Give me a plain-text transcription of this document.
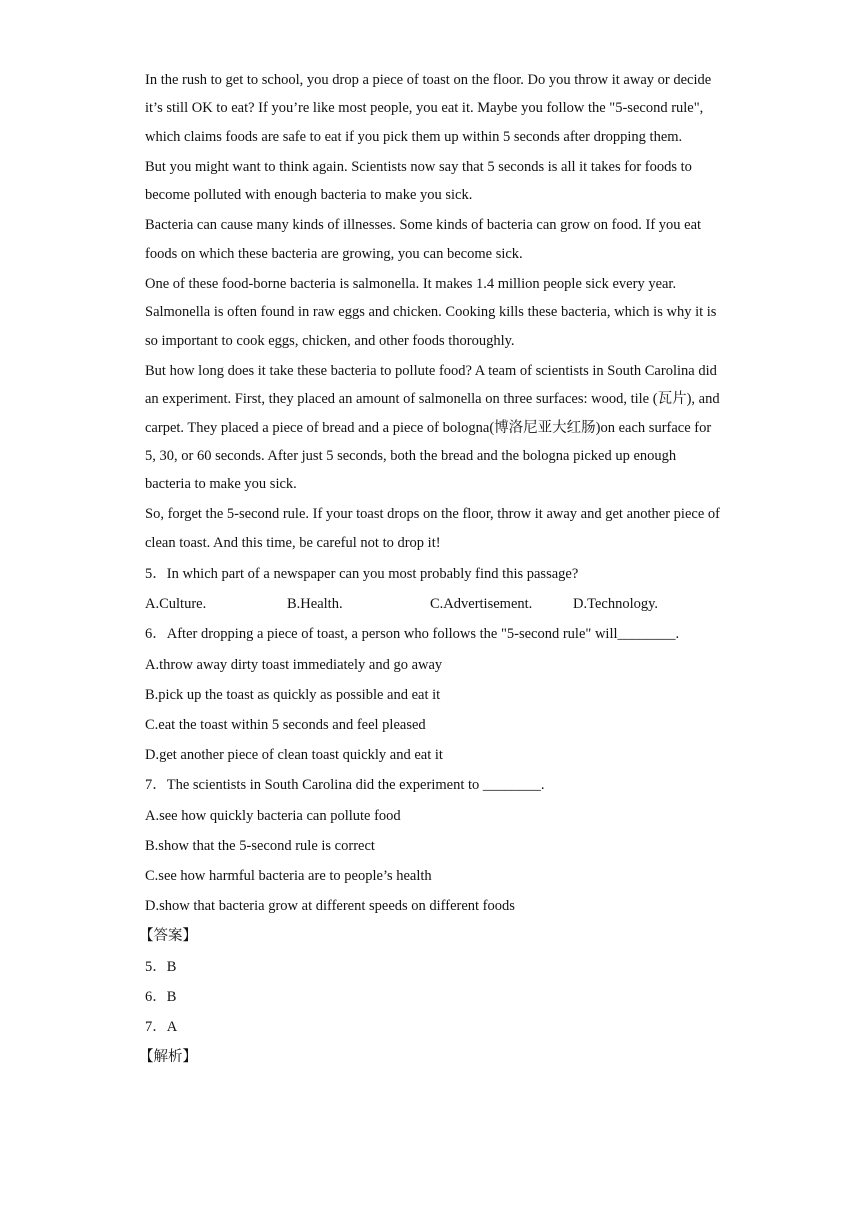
In the rush to get to school, you drop a piece of toast on the floor. Do you throw it away or decide it’s still OK to eat? If you’re like most people, you eat it. Maybe you follow the "5-second rule", which claims foods are safe to eat if you pick them up within 5 seconds after dropping them.

But you might want to think again. Scientists now say that 5 seconds is all it takes for foods to become polluted with enough bacteria to make you sick.

Bacteria can cause many kinds of illnesses. Some kinds of bacteria can grow on food. If you eat foods on which these bacteria are growing, you can become sick.

One of these food-borne bacteria is salmonella. It makes 1.4 million people sick every year. Salmonella is often found in raw eggs and chicken. Cooking kills these bacteria, which is why it is so important to cook eggs, chicken, and other foods thoroughly.

But how long does it take these bacteria to pollute food? A team of scientists in South Carolina did an experiment. First, they placed an amount of salmonella on three surfaces: wood, tile (瓦片), and carpet. They placed a piece of bread and a piece of bologna(博洛尼亚大红肠)on each surface for 5, 30, or 60 seconds. After just 5 seconds, both the bread and the bologna picked up enough bacteria to make you sick.

So, forget the 5-second rule. If your toast drops on the floor, throw it away and get another piece of clean toast. And this time, be careful not to drop it!

5．In which part of a newspaper can you most probably find this passage?

A.Culture.	B.Health.	C.Advertisement.	D.Technology.

6．After dropping a piece of toast, a person who follows the "5-second rule" will________.

A.throw away dirty toast immediately and go away

B.pick up the toast as quickly as possible and eat it

C.eat the toast within 5 seconds and feel pleased

D.get another piece of clean toast quickly and eat it

7．The scientists in South Carolina did the experiment to ________.

A.see how quickly bacteria can pollute food

B.show that the 5-second rule is correct

C.see how harmful bacteria are to people’s health

D.show that bacteria grow at different speeds on different foods

【答案】

5．B

6．B

7．A

【解析】
